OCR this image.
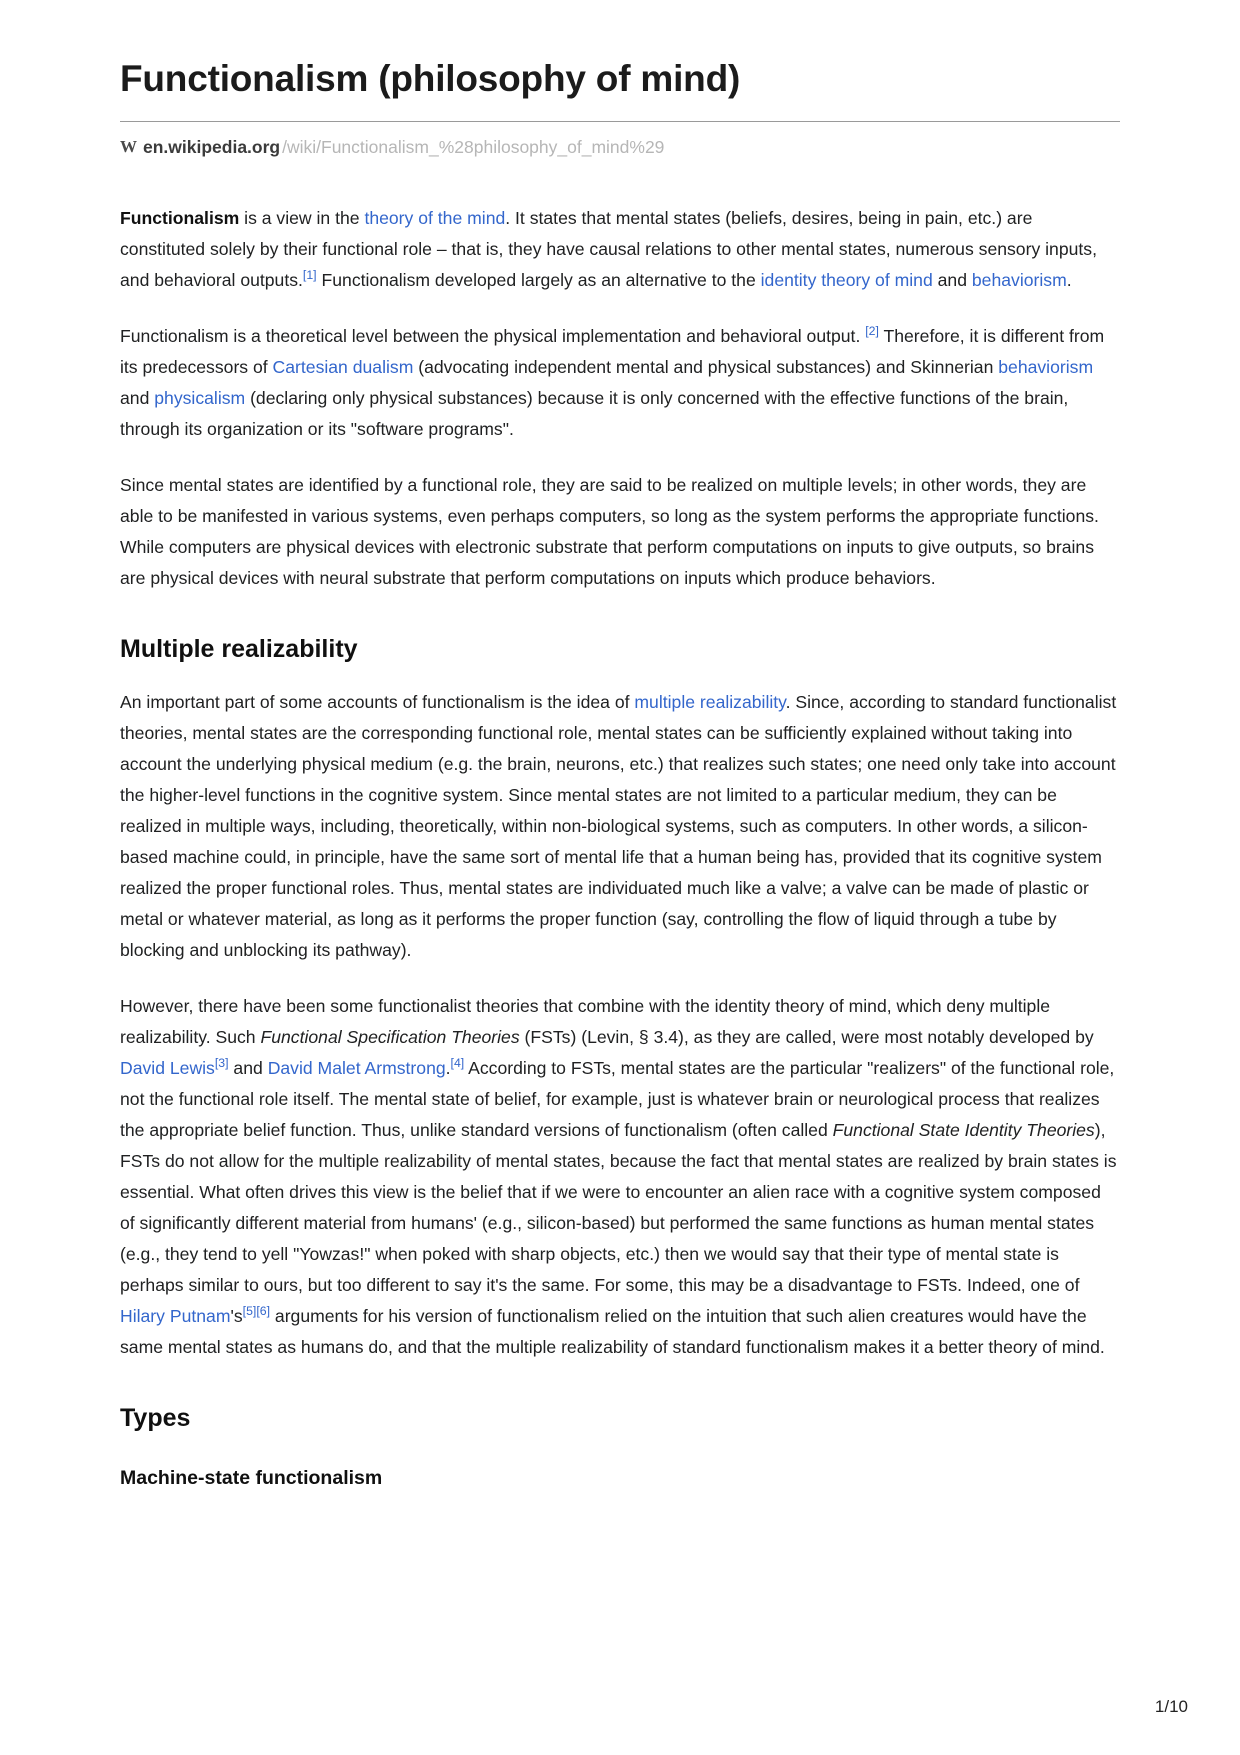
Functionalism (philosophy of mind)
W en.wikipedia.org /wiki/Functionalism_%28philosophy_of_mind%29

Functionalism is a view in the theory of the mind. It states that mental states (beliefs, desires, being in pain, etc.) are constituted solely by their functional role – that is, they have causal relations to other mental states, numerous sensory inputs, and behavioral outputs.[1] Functionalism developed largely as an alternative to the identity theory of mind and behaviorism.

Functionalism is a theoretical level between the physical implementation and behavioral output. [2] Therefore, it is different from its predecessors of Cartesian dualism (advocating independent mental and physical substances) and Skinnerian behaviorism and physicalism (declaring only physical substances) because it is only concerned with the effective functions of the brain, through its organization or its "software programs".

Since mental states are identified by a functional role, they are said to be realized on multiple levels; in other words, they are able to be manifested in various systems, even perhaps computers, so long as the system performs the appropriate functions. While computers are physical devices with electronic substrate that perform computations on inputs to give outputs, so brains are physical devices with neural substrate that perform computations on inputs which produce behaviors.

Multiple realizability

An important part of some accounts of functionalism is the idea of multiple realizability. Since, according to standard functionalist theories, mental states are the corresponding functional role, mental states can be sufficiently explained without taking into account the underlying physical medium (e.g. the brain, neurons, etc.) that realizes such states; one need only take into account the higher-level functions in the cognitive system. Since mental states are not limited to a particular medium, they can be realized in multiple ways, including, theoretically, within non-biological systems, such as computers. In other words, a silicon-based machine could, in principle, have the same sort of mental life that a human being has, provided that its cognitive system realized the proper functional roles. Thus, mental states are individuated much like a valve; a valve can be made of plastic or metal or whatever material, as long as it performs the proper function (say, controlling the flow of liquid through a tube by blocking and unblocking its pathway).

However, there have been some functionalist theories that combine with the identity theory of mind, which deny multiple realizability. Such Functional Specification Theories (FSTs) (Levin, § 3.4), as they are called, were most notably developed by David Lewis[3] and David Malet Armstrong.[4] According to FSTs, mental states are the particular "realizers" of the functional role, not the functional role itself. The mental state of belief, for example, just is whatever brain or neurological process that realizes the appropriate belief function. Thus, unlike standard versions of functionalism (often called Functional State Identity Theories), FSTs do not allow for the multiple realizability of mental states, because the fact that mental states are realized by brain states is essential. What often drives this view is the belief that if we were to encounter an alien race with a cognitive system composed of significantly different material from humans' (e.g., silicon-based) but performed the same functions as human mental states (e.g., they tend to yell "Yowzas!" when poked with sharp objects, etc.) then we would say that their type of mental state is perhaps similar to ours, but too different to say it's the same. For some, this may be a disadvantage to FSTs. Indeed, one of Hilary Putnam's[5][6] arguments for his version of functionalism relied on the intuition that such alien creatures would have the same mental states as humans do, and that the multiple realizability of standard functionalism makes it a better theory of mind.

Types
Machine-state functionalism
1/10
